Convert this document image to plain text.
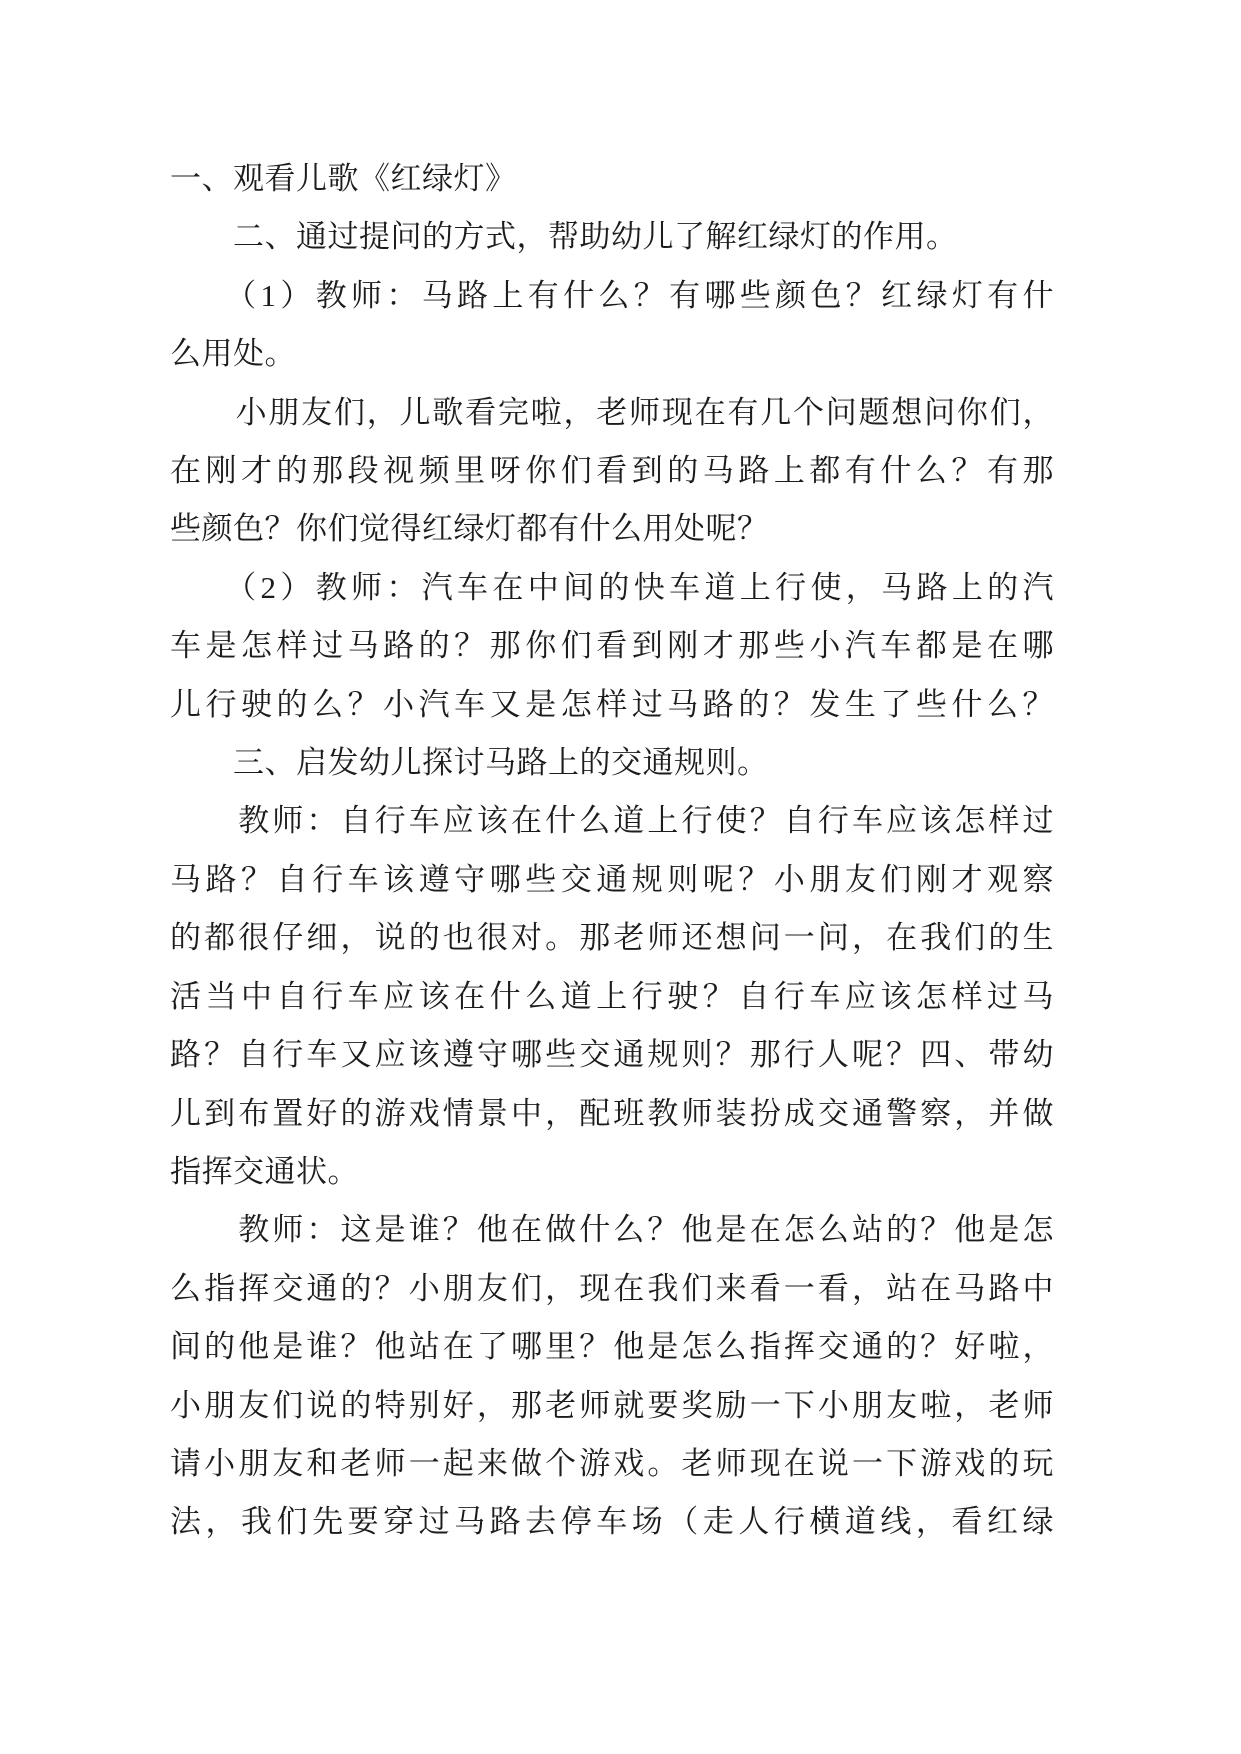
一、观看儿歌《红绿灯》
　　二、通过提问的方式，帮助幼儿了解红绿灯的作用。
　　（1）教师：马路上有什么？有哪些颜色？红绿灯有什
么用处。
　　小朋友们，儿歌看完啦，老师现在有几个问题想问你们，
在刚才的那段视频里呀你们看到的马路上都有什么？有那
些颜色？你们觉得红绿灯都有什么用处呢？
　　（2）教师：汽车在中间的快车道上行使，马路上的汽
车是怎样过马路的？那你们看到刚才那些小汽车都是在哪
儿行驶的么？小汽车又是怎样过马路的？发生了些什么？
　　三、启发幼儿探讨马路上的交通规则。
　　教师：自行车应该在什么道上行使？自行车应该怎样过
马路？自行车该遵守哪些交通规则呢？小朋友们刚才观察
的都很仔细，说的也很对。那老师还想问一问，在我们的生
活当中自行车应该在什么道上行驶？自行车应该怎样过马
路？自行车又应该遵守哪些交通规则？那行人呢？四、带幼
儿到布置好的游戏情景中，配班教师装扮成交通警察，并做
指挥交通状。
　　教师：这是谁？他在做什么？他是在怎么站的？他是怎
么指挥交通的？小朋友们，现在我们来看一看，站在马路中
间的他是谁？他站在了哪里？他是怎么指挥交通的？好啦，
小朋友们说的特别好，那老师就要奖励一下小朋友啦，老师
请小朋友和老师一起来做个游戏。老师现在说一下游戏的玩
法，我们先要穿过马路去停车场（走人行横道线，看红绿
